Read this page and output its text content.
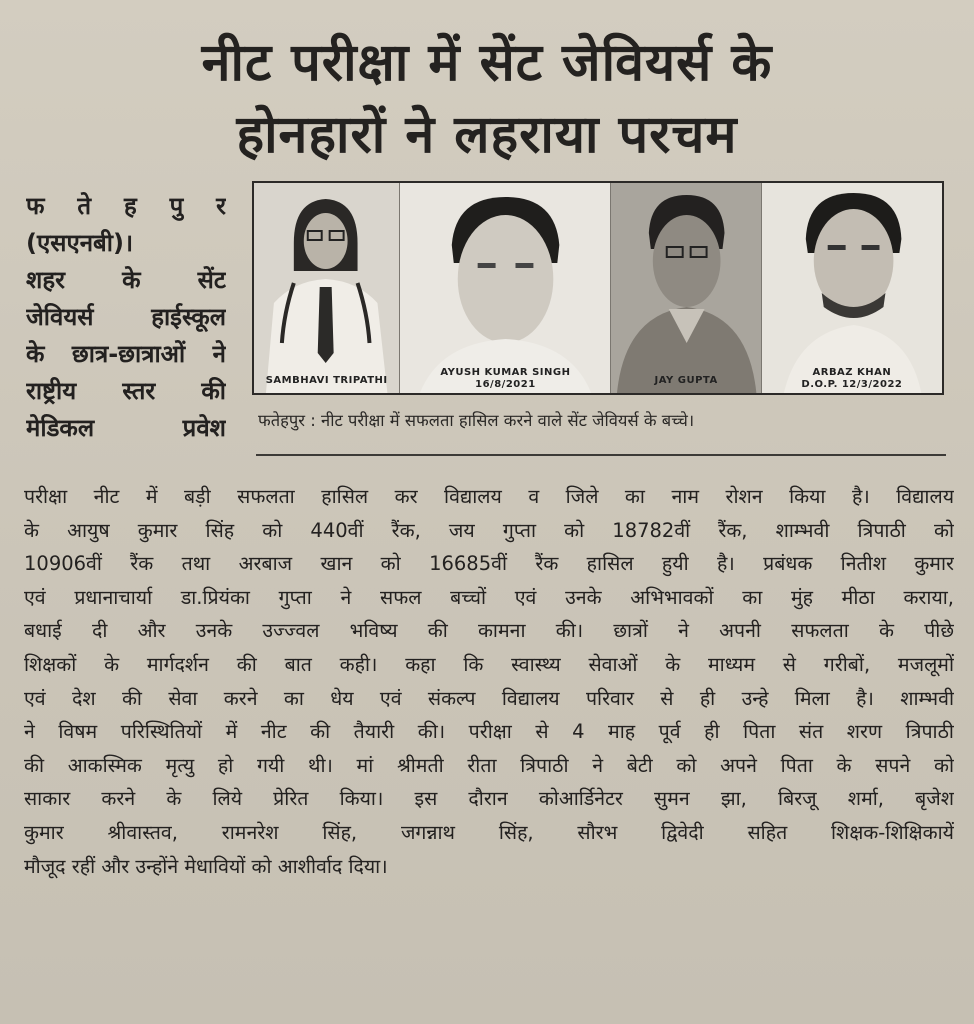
नीट परीक्षा में सेंट जेवियर्स के
होनहारों ने लहराया परचम
फ ते ह पु र
(एसएनबी)।
शहर के सेंट
जेवियर्स हाईस्कूल
के छात्र-छात्राओं ने
राष्ट्रीय स्तर की
मेडिकल प्रवेश
SAMBHAVI TRIPATHI
AYUSH KUMAR SINGH
16/8/2021	JAY GUPTA
ARBAZ KHAN
D.O.P. 12/3/2022
फतेहपुर : नीट परीक्षा में सफलता हासिल करने वाले सेंट जेवियर्स के बच्चे।
परीक्षा नीट में बड़ी सफलता हासिल कर विद्यालय व जिले का नाम रोशन किया है। विद्यालय
के आयुष कुमार सिंह को 440वीं रैंक, जय गुप्ता को 18782वीं रैंक, शाम्भवी त्रिपाठी को
10906वीं रैंक तथा अरबाज खान को 16685वीं रैंक हासिल हुयी है। प्रबंधक नितीश कुमार
एवं प्रधानाचार्या डा.प्रियंका गुप्ता ने सफल बच्चों एवं उनके अभिभावकों का मुंह मीठा कराया,
बधाई दी और उनके उज्ज्वल भविष्य की कामना की। छात्रों ने अपनी सफलता के पीछे
शिक्षकों के मार्गदर्शन की बात कही। कहा कि स्वास्थ्य सेवाओं के माध्यम से गरीबों, मजलूमों
एवं देश की सेवा करने का धेय एवं संकल्प विद्यालय परिवार से ही उन्हे मिला है। शाम्भवी
ने विषम परिस्थितियों में नीट की तैयारी की। परीक्षा से 4 माह पूर्व ही पिता संत शरण त्रिपाठी
की आकस्मिक मृत्यु हो गयी थी। मां श्रीमती रीता त्रिपाठी ने बेटी को अपने पिता के सपने को
साकार करने के लिये प्रेरित किया। इस दौरान कोआर्डिनेटर सुमन झा, बिरजू शर्मा, बृजेश
कुमार श्रीवास्तव, रामनरेश सिंह, जगन्नाथ सिंह, सौरभ द्विवेदी सहित शिक्षक-शिक्षिकायें
मौजूद रहीं और उन्होंने मेधावियों को आशीर्वाद दिया।
